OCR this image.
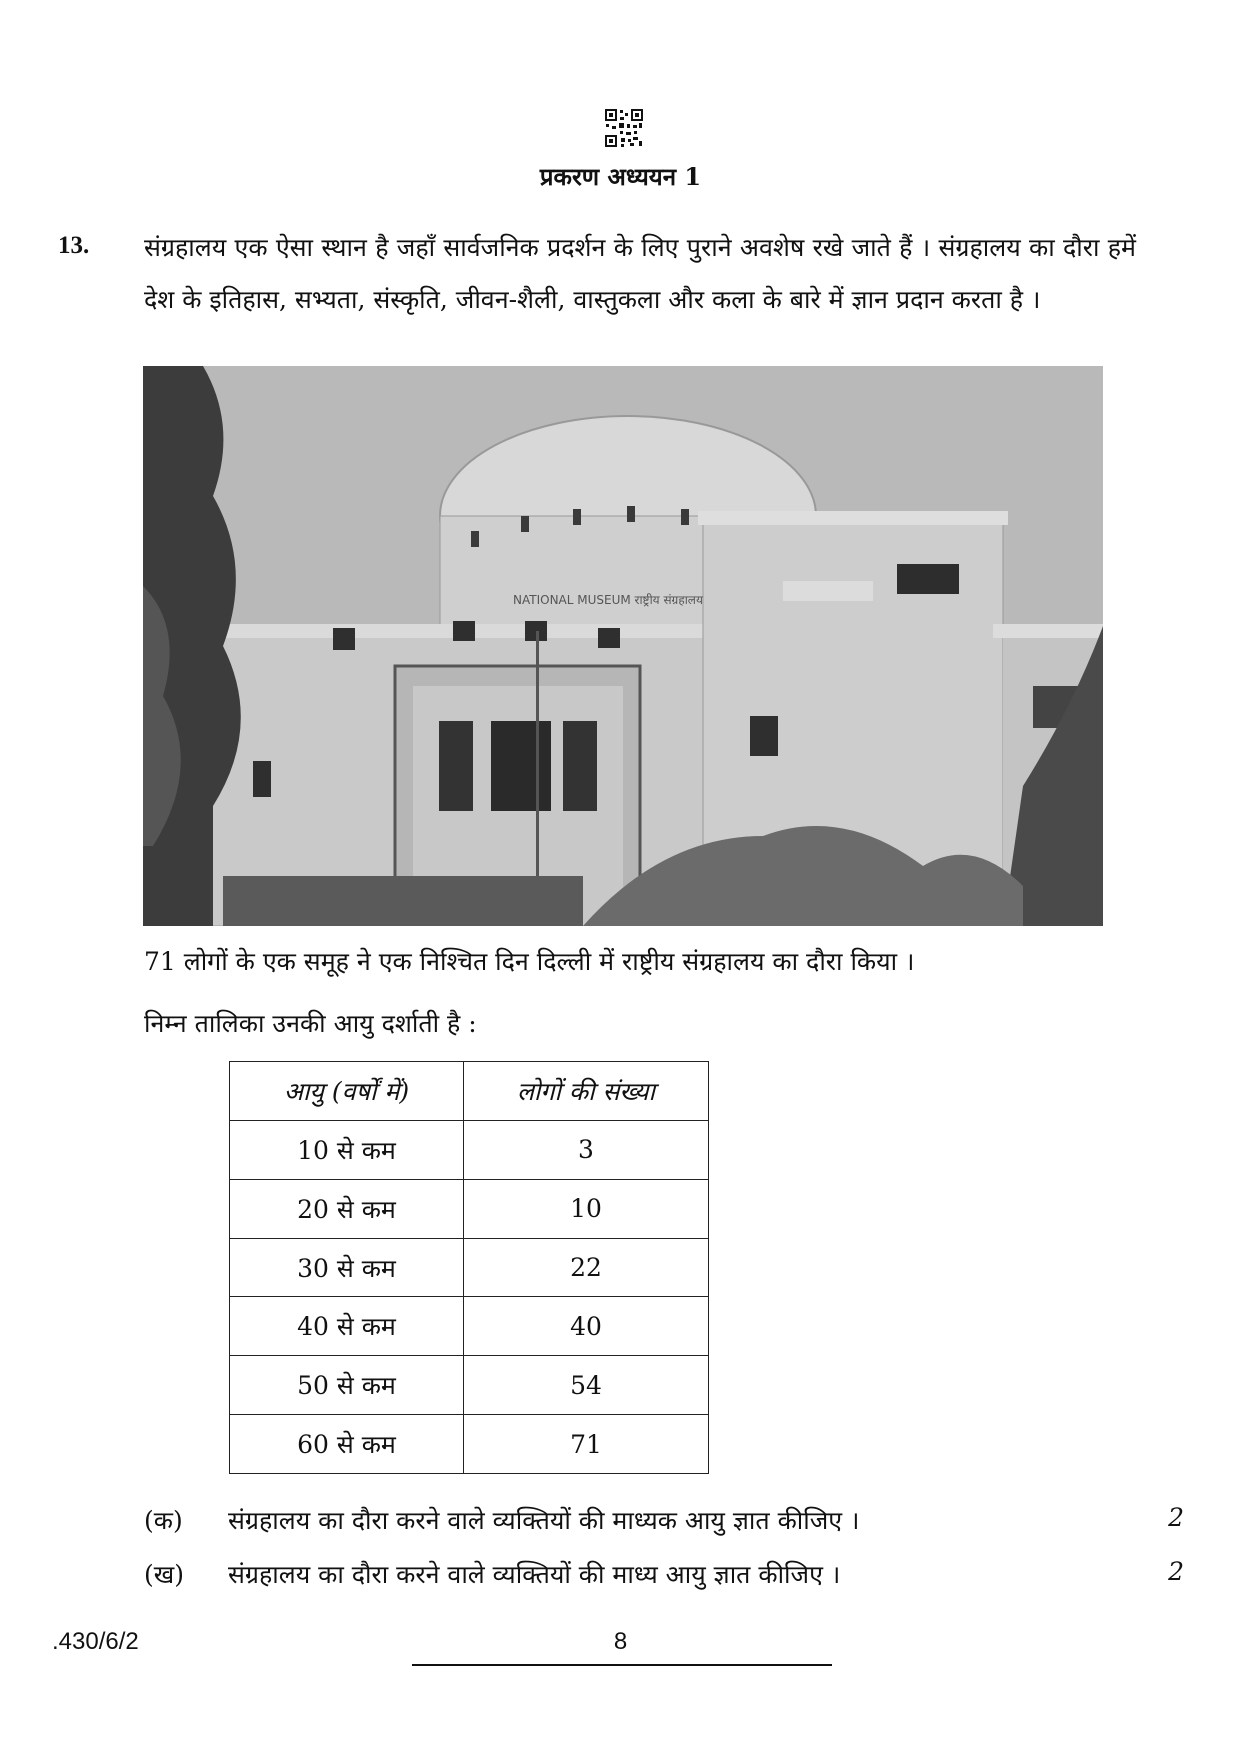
प्रकरण अध्ययन 1
13. संग्रहालय एक ऐसा स्थान है जहाँ सार्वजनिक प्रदर्शन के लिए पुराने अवशेष रखे जाते हैं । संग्रहालय का दौरा हमें देश के इतिहास, सभ्यता, संस्कृति, जीवन-शैली, वास्तुकला और कला के बारे में ज्ञान प्रदान करता है ।
NATIONAL MUSEUM राष्ट्रीय संग्रहालय
71 लोगों के एक समूह ने एक निश्चित दिन दिल्ली में राष्ट्रीय संग्रहालय का दौरा किया ।
निम्न तालिका उनकी आयु दर्शाती है :
आयु (वर्षों में)	लोगों की संख्या
10 से कम	3
20 से कम	10
30 से कम	22
40 से कम	40
50 से कम	54
60 से कम	71
(क) संग्रहालय का दौरा करने वाले व्यक्तियों की माध्यक आयु ज्ञात कीजिए ।	2
(ख) संग्रहालय का दौरा करने वाले व्यक्तियों की माध्य आयु ज्ञात कीजिए ।	2
.430/6/2	8
